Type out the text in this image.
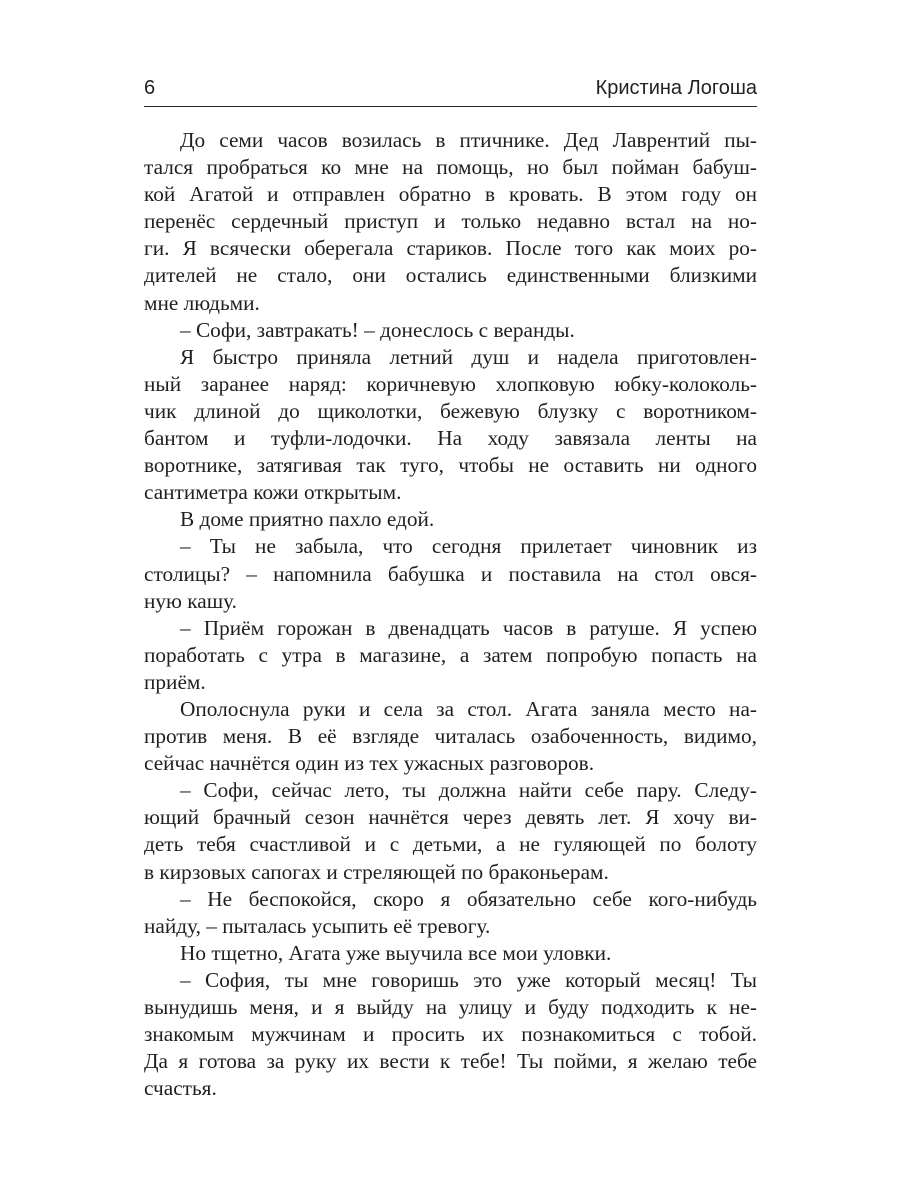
6	Кристина Логоша
До семи часов возилась в птичнике. Дед Лаврентий пы-
тался пробраться ко мне на помощь, но был пойман бабуш-
кой Агатой и отправлен обратно в кровать. В этом году он
перенёс сердечный приступ и только недавно встал на но-
ги. Я всячески оберегала стариков. После того как моих ро-
дителей не стало, они остались единственными близкими
мне людьми.
– Софи, завтракать! – донеслось с веранды.
Я быстро приняла летний душ и надела приготовлен-
ный заранее наряд: коричневую хлопковую юбку-колоколь-
чик длиной до щиколотки, бежевую блузку с воротником-
бантом и туфли-лодочки. На ходу завязала ленты на
воротнике, затягивая так туго, чтобы не оставить ни одного
сантиметра кожи открытым.
В доме приятно пахло едой.
– Ты не забыла, что сегодня прилетает чиновник из
столицы? – напомнила бабушка и поставила на стол овся-
ную кашу.
– Приём горожан в двенадцать часов в ратуше. Я успею
поработать с утра в магазине, а затем попробую попасть на
приём.
Ополоснула руки и села за стол. Агата заняла место на-
против меня. В её взгляде читалась озабоченность, видимо,
сейчас начнётся один из тех ужасных разговоров.
– Софи, сейчас лето, ты должна найти себе пару. Следу-
ющий брачный сезон начнётся через девять лет. Я хочу ви-
деть тебя счастливой и с детьми, а не гуляющей по болоту
в кирзовых сапогах и стреляющей по браконьерам.
– Не беспокойся, скоро я обязательно себе кого-нибудь
найду, – пыталась усыпить её тревогу.
Но тщетно, Агата уже выучила все мои уловки.
– София, ты мне говоришь это уже который месяц! Ты
вынудишь меня, и я выйду на улицу и буду подходить к не-
знакомым мужчинам и просить их познакомиться с тобой.
Да я готова за руку их вести к тебе! Ты пойми, я желаю тебе
счастья.
